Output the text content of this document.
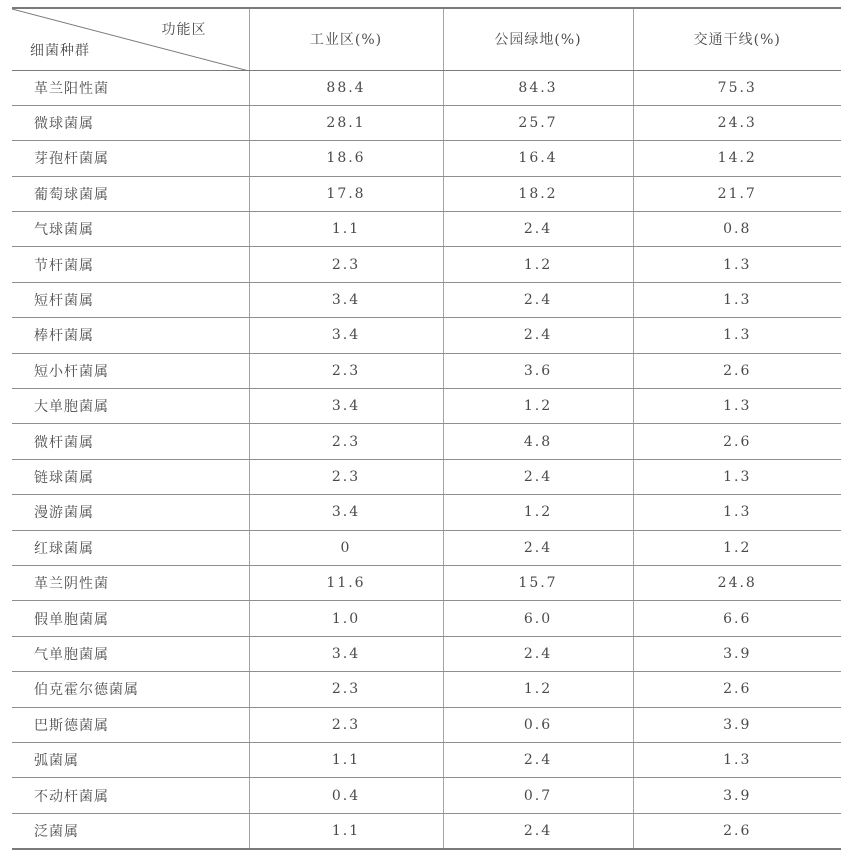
功能区
细菌种群	工业区(%)	公园绿地(%)	交通干线(%)
革兰阳性菌	88.4	84.3	75.3
微球菌属	28.1	25.7	24.3
芽孢杆菌属	18.6	16.4	14.2
葡萄球菌属	17.8	18.2	21.7
气球菌属	1.1	2.4	0.8
节杆菌属	2.3	1.2	1.3
短杆菌属	3.4	2.4	1.3
棒杆菌属	3.4	2.4	1.3
短小杆菌属	2.3	3.6	2.6
大单胞菌属	3.4	1.2	1.3
微杆菌属	2.3	4.8	2.6
链球菌属	2.3	2.4	1.3
漫游菌属	3.4	1.2	1.3
红球菌属	0	2.4	1.2
革兰阴性菌	11.6	15.7	24.8
假单胞菌属	1.0	6.0	6.6
气单胞菌属	3.4	2.4	3.9
伯克霍尔德菌属	2.3	1.2	2.6
巴斯德菌属	2.3	0.6	3.9
弧菌属	1.1	2.4	1.3
不动杆菌属	0.4	0.7	3.9
泛菌属	1.1	2.4	2.6
